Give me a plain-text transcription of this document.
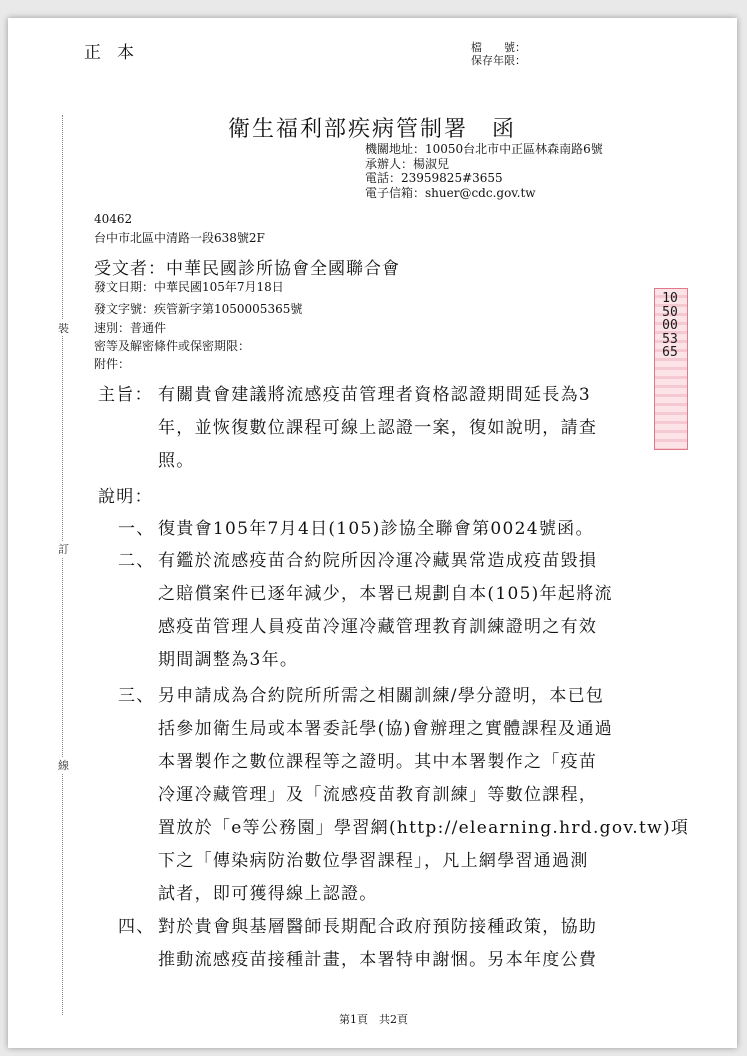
正本	檔　　號：
保存年限：
衛生福利部疾病管制署 函
機關地址：10050台北市中正區林森南路6號
承辦人：楊淑兒
電話：23959825#3655
電子信箱：shuer@cdc.gov.tw
40462
台中市北區中清路一段638號2F
受文者：中華民國診所協會全國聯合會
發文日期：中華民國105年7月18日
發文字號：疾管新字第1050005365號
速別：普通件
密等及解密條件或保密期限：
附件：
裝
訂
線
1050005365
主旨： 有關貴會建議將流感疫苗管理者資格認證期間延長為3
年，並恢復數位課程可線上認證一案，復如說明，請查
照。
說明：
一、 復貴會105年7月4日(105)診協全聯會第0024號函。
二、 有鑑於流感疫苗合約院所因冷運冷藏異常造成疫苗毀損
之賠償案件已逐年減少，本署已規劃自本(105)年起將流
感疫苗管理人員疫苗冷運冷藏管理教育訓練證明之有效
期間調整為3年。
三、 另申請成為合約院所所需之相關訓練/學分證明，本已包
括參加衛生局或本署委託學(協)會辦理之實體課程及通過
本署製作之數位課程等之證明。其中本署製作之「疫苗
冷運冷藏管理」及「流感疫苗教育訓練」等數位課程，
置放於「e等公務園」學習網(http://elearning.hrd.gov.tw)項
下之「傳染病防治數位學習課程」，凡上網學習通過測
試者，即可獲得線上認證。
四、 對於貴會與基層醫師長期配合政府預防接種政策，協助
推動流感疫苗接種計畫，本署特申謝悃。另本年度公費
第1頁　共2頁
